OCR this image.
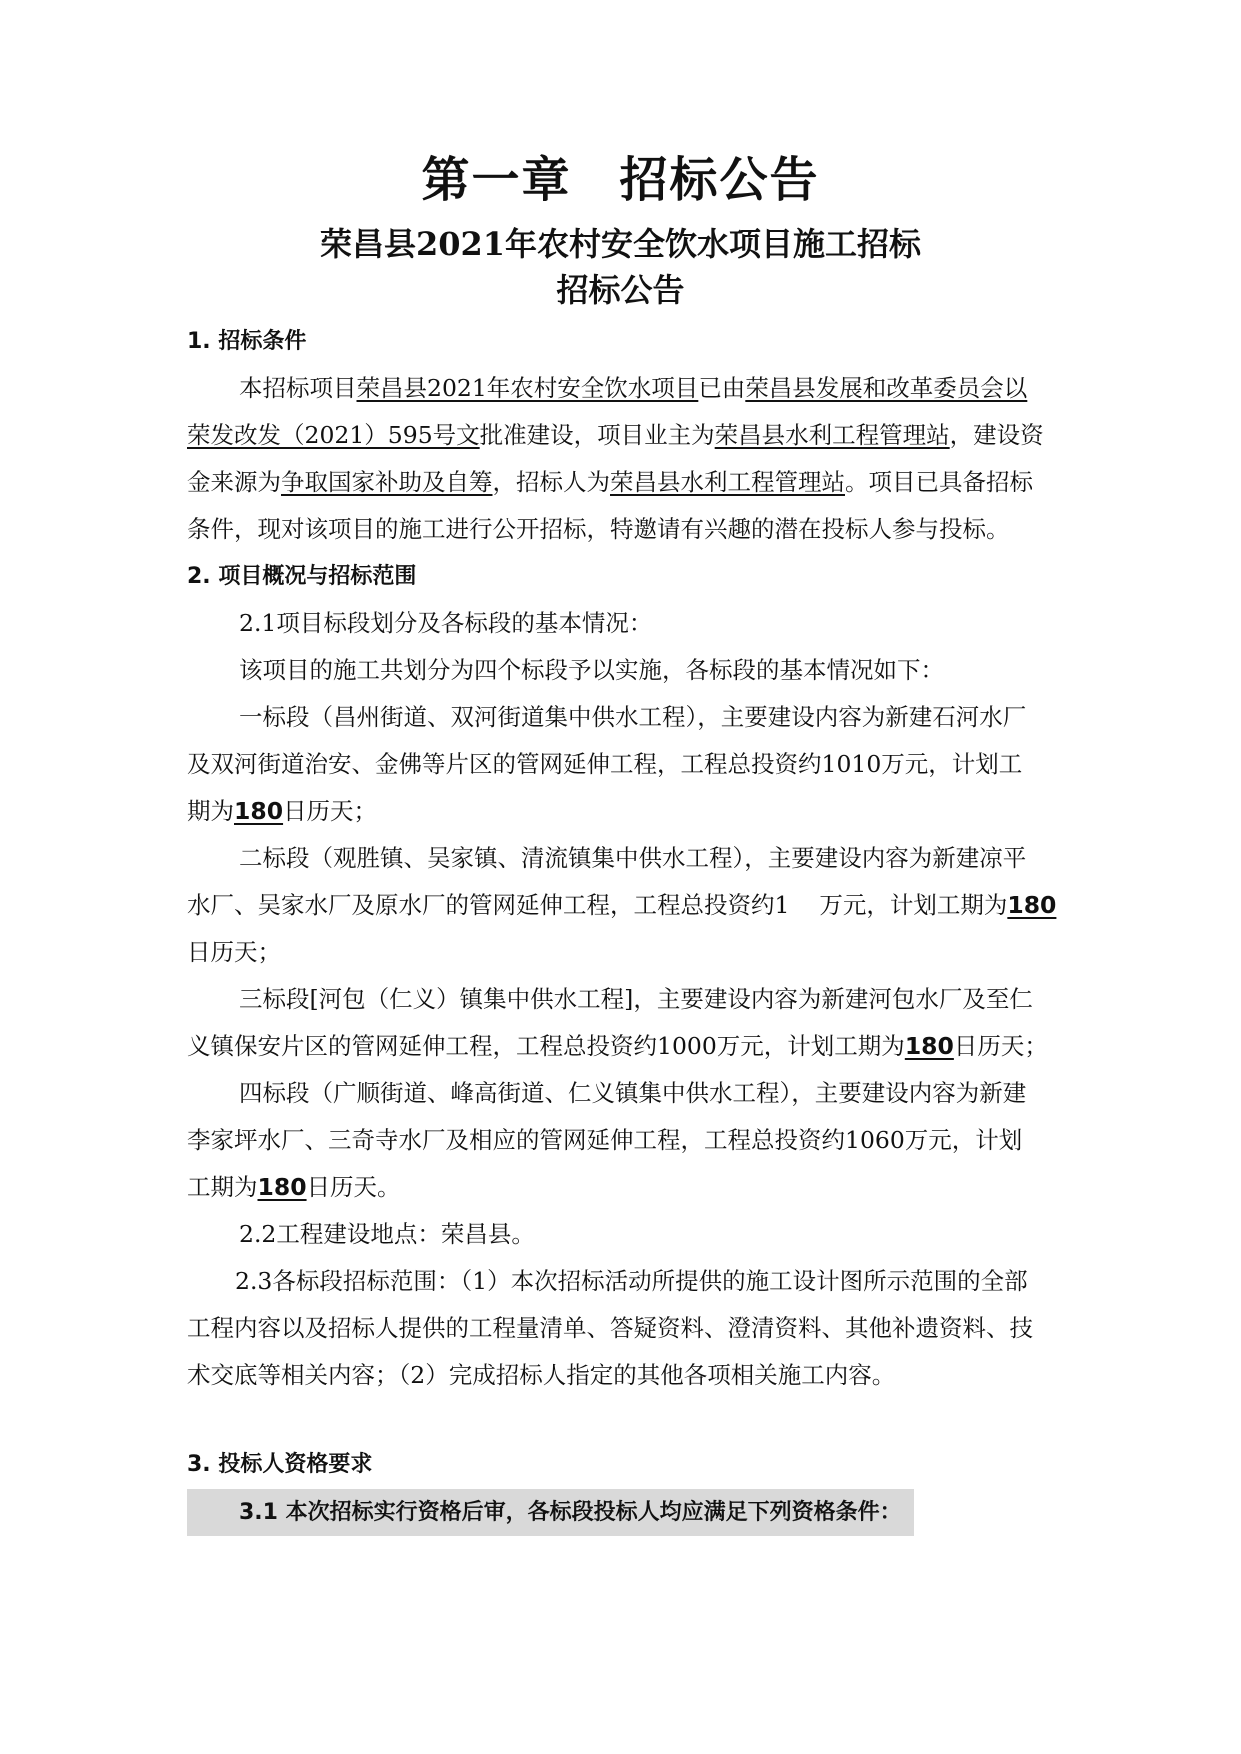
第一章 招标公告
荣昌县2021年农村安全饮水项目施工招标
招标公告

1. 招标条件

本招标项目荣昌县2021年农村安全饮水项目已由荣昌县发展和改革委员会以

荣发改发（2021）595号文批准建设，项目业主为荣昌县水利工程管理站，建设资

金来源为争取国家补助及自筹，招标人为荣昌县水利工程管理站。项目已具备招标

条件，现对该项目的施工进行公开招标，特邀请有兴趣的潜在投标人参与投标。

2. 项目概况与招标范围

2.1项目标段划分及各标段的基本情况：

该项目的施工共划分为四个标段予以实施，各标段的基本情况如下：

一标段（昌州街道、双河街道集中供水工程），主要建设内容为新建石河水厂

及双河街道治安、金佛等片区的管网延伸工程，工程总投资约1010万元，计划工

期为180日历天；

二标段（观胜镇、吴家镇、清流镇集中供水工程），主要建设内容为新建凉平

水厂、吴家水厂及原水厂的管网延伸工程，工程总投资约1    万元，计划工期为180

日历天；

三标段[河包（仁义）镇集中供水工程]，主要建设内容为新建河包水厂及至仁

义镇保安片区的管网延伸工程，工程总投资约1000万元，计划工期为180日历天；

四标段（广顺街道、峰高街道、仁义镇集中供水工程），主要建设内容为新建

李家坪水厂、三奇寺水厂及相应的管网延伸工程，工程总投资约1060万元，计划

工期为180日历天。

2.2工程建设地点：荣昌县。

2.3各标段招标范围：（1）本次招标活动所提供的施工设计图所示范围的全部

工程内容以及招标人提供的工程量清单、答疑资料、澄清资料、其他补遗资料、技

术交底等相关内容；（2）完成招标人指定的其他各项相关施工内容。

3. 投标人资格要求

3.1 本次招标实行资格后审，各标段投标人均应满足下列资格条件：
